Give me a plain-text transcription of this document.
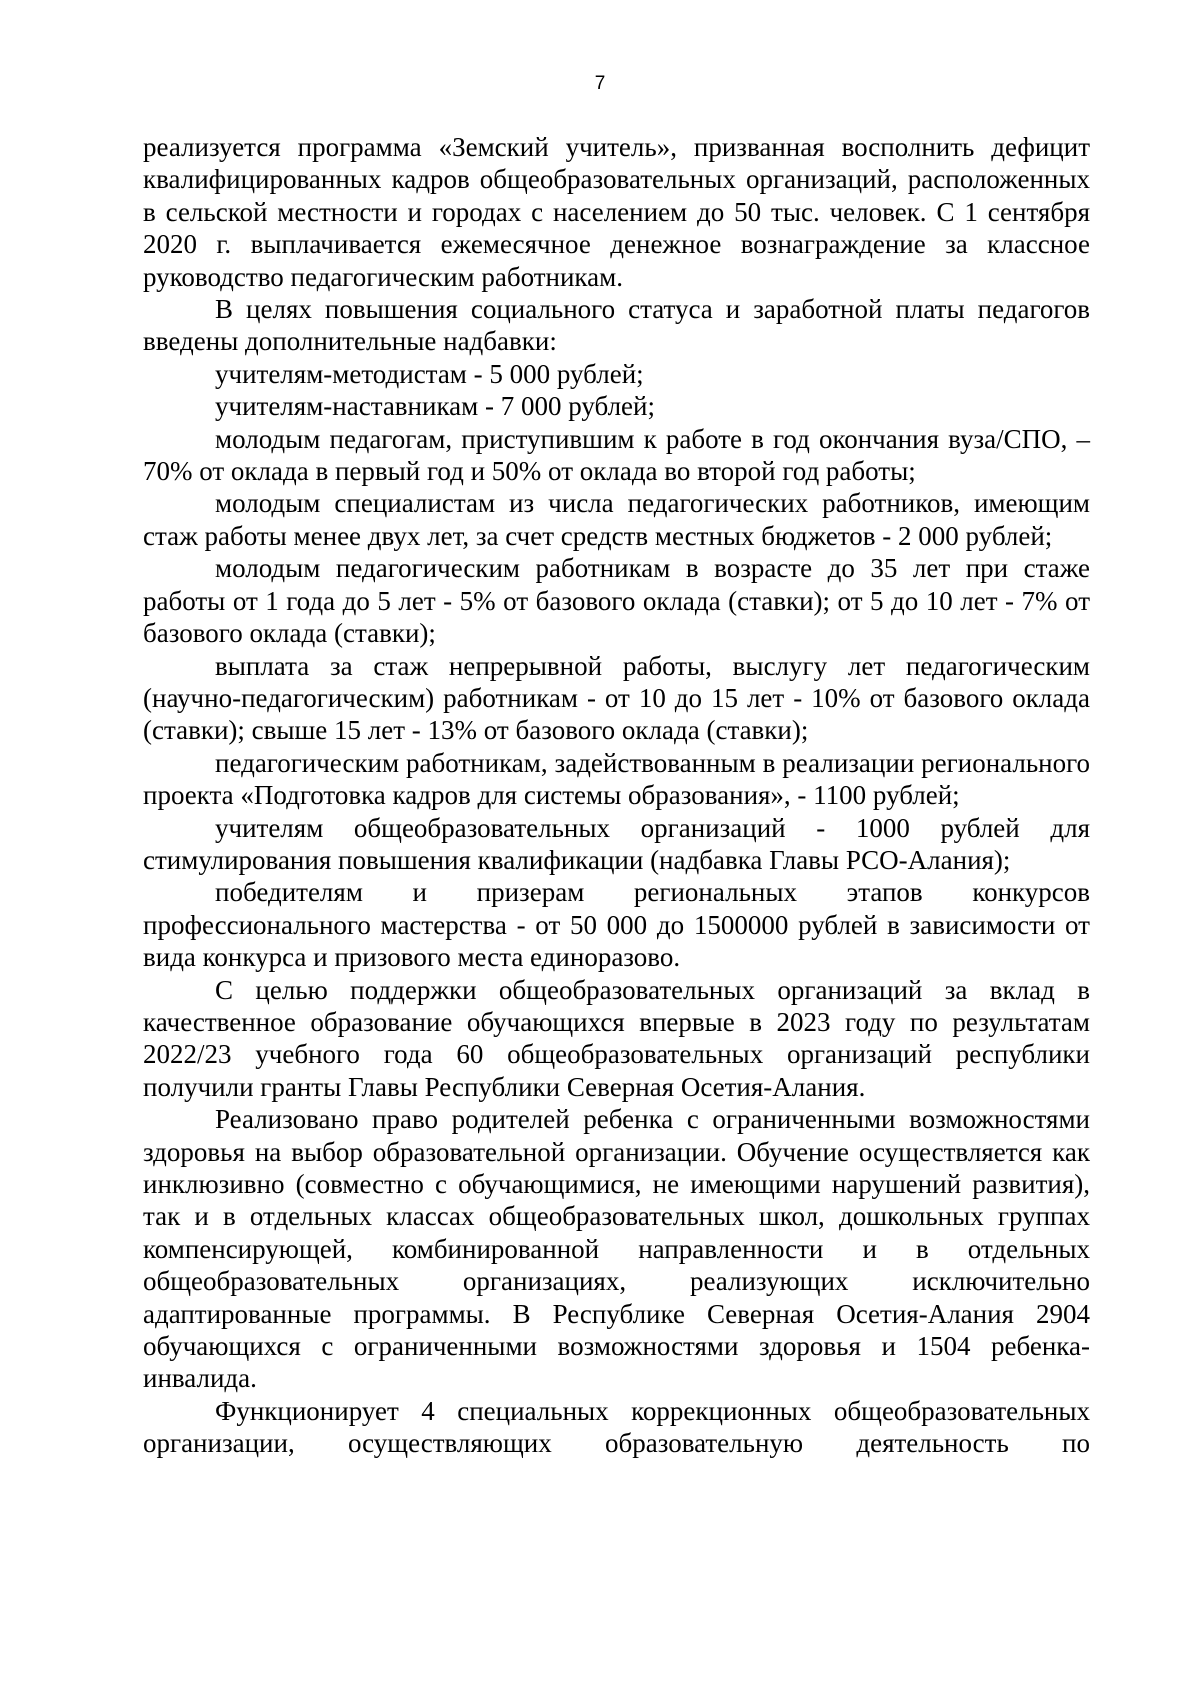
7

реализуется программа «Земский учитель», призванная восполнить дефицит квалифицированных кадров общеобразовательных организаций, расположенных в сельской местности и городах с населением до 50 тыс. человек. С 1 сентября 2020 г. выплачивается ежемесячное денежное вознаграждение за классное руководство педагогическим работникам.

В целях повышения социального статуса и заработной платы педагогов введены дополнительные надбавки:

учителям-методистам - 5 000 рублей;

учителям-наставникам - 7 000 рублей;

молодым педагогам, приступившим к работе в год окончания вуза/СПО, – 70% от оклада в первый год и 50% от оклада во второй год работы;

молодым специалистам из числа педагогических работников, имеющим стаж работы менее двух лет, за счет средств местных бюджетов - 2 000 рублей;

молодым педагогическим работникам в возрасте до 35 лет при стаже работы от 1 года до 5 лет - 5% от базового оклада (ставки); от 5 до 10 лет - 7% от базового оклада (ставки);

выплата за стаж непрерывной работы, выслугу лет педагогическим (научно-педагогическим) работникам - от 10 до 15 лет - 10% от базового оклада (ставки); свыше 15 лет - 13% от базового оклада (ставки);

педагогическим работникам, задействованным в реализации регионального проекта «Подготовка кадров для системы образования», - 1100 рублей;

учителям общеобразовательных организаций - 1000 рублей для стимулирования повышения квалификации (надбавка Главы РСО-Алания);

победителям и призерам региональных этапов конкурсов профессионального мастерства - от 50 000 до 1500000 рублей в зависимости от вида конкурса и призового места единоразово.

С целью поддержки общеобразовательных организаций за вклад в качественное образование обучающихся впервые в 2023 году по результатам 2022/23 учебного года 60 общеобразовательных организаций республики получили гранты Главы Республики Северная Осетия-Алания.

Реализовано право родителей ребенка с ограниченными возможностями здоровья на выбор образовательной организации. Обучение осуществляется как инклюзивно (совместно с обучающимися, не имеющими нарушений развития), так и в отдельных классах общеобразовательных школ, дошкольных группах компенсирующей, комбинированной направленности и в отдельных общеобразовательных организациях, реализующих исключительно адаптированные программы. В Республике Северная Осетия-Алания 2904 обучающихся с ограниченными возможностями здоровья и 1504 ребенка-инвалида.

Функционирует 4 специальных коррекционных общеобразовательных организации, осуществляющих образовательную деятельность по
